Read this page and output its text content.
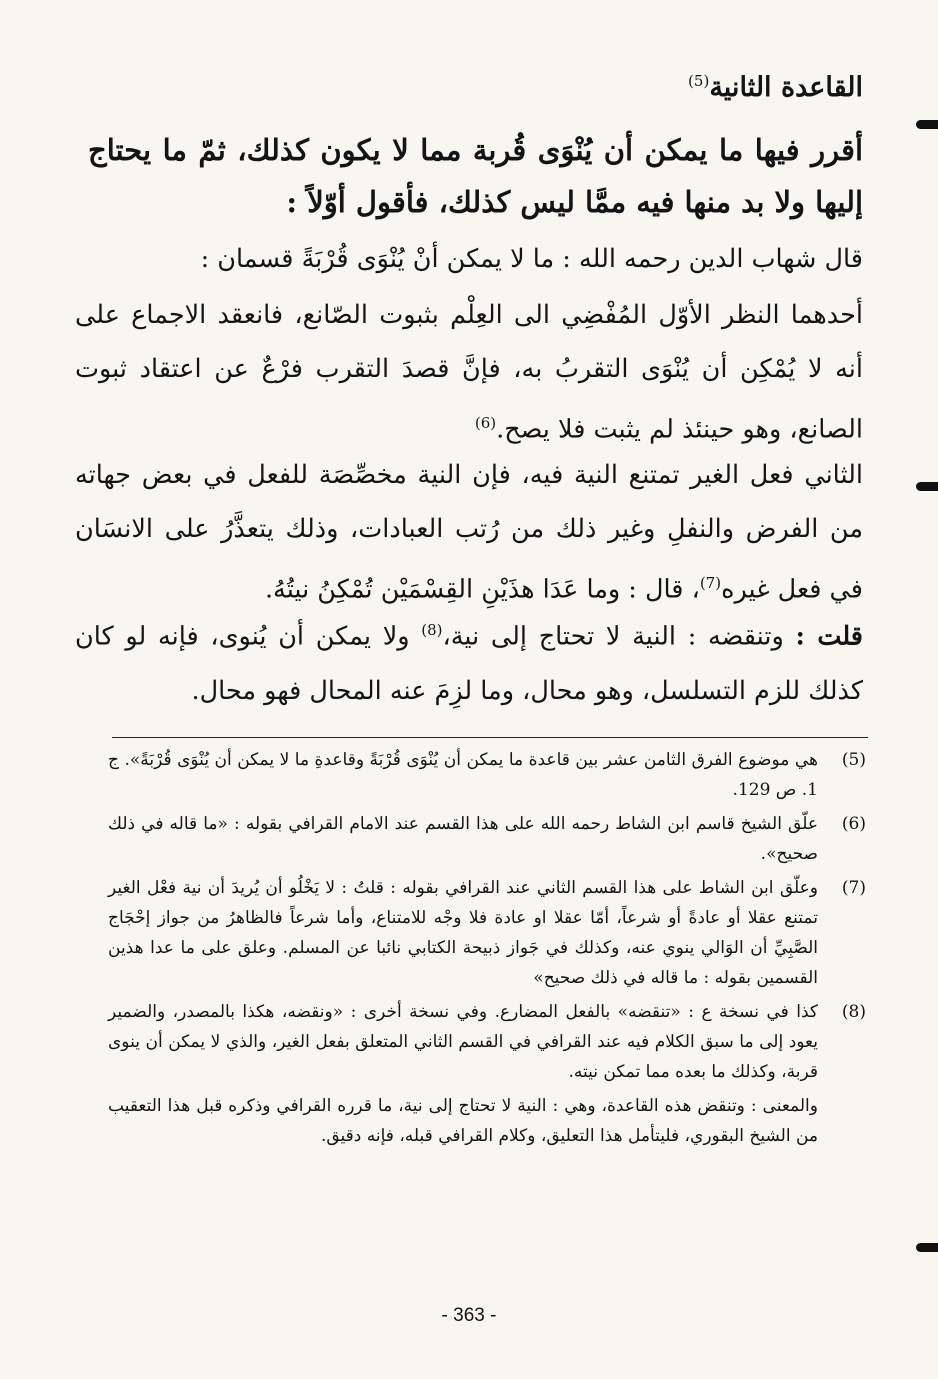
القاعدة الثانية$^{(5)}$

أقرر فيها ما يمكن أن يُنْوَى قُربة مما لا يكون كذلك، ثمّ ما يحتاج إليها ولا بد منها فيه ممَّا ليس كذلك، فأقول أوّلاً :

قال شهاب الدين رحمه الله : ما لا يمكن أنْ يُنْوَى قُرْبَةً قسمان :

أحدهما النظر الأوّل المُفْضِي الى العِلْم بثبوت الصّانع، فانعقد الاجماع على أنه لا يُمْكِن أن يُنْوَى التقربُ به، فإنَّ قصدَ التقرب فرْعٌ عن اعتقاد ثبوت الصانع، وهو حينئذ لم يثبت فلا يصح.$^{(6)}$

الثاني فعل الغير تمتنع النية فيه، فإن النية مخصِّصَة للفعل في بعض جهاته من الفرض والنفلِ وغير ذلك من رُتب العبادات، وذلك يتعذَّرُ على الانسَان في فعل غيره$^{(7)}$، قال : وما عَدَا هذَيْنِ القِسْمَيْن تُمْكِنُ نيتُهُ.

قلت : وتنقضه : النية لا تحتاج إلى نية،$^{(8)}$ ولا يمكن أن يُنوى، فإنه لو كان كذلك للزم التسلسل، وهو محال، وما لزِمَ عنه المحال فهو محال.

(5)
هي موضوع الفرق الثامن عشر بين قاعدة ما يمكن أن يُنْوَى قُرْبَةً وقاعدةِ ما لا يمكن أن يُنْوَى قُرْبَةً». ج 1. ص 129.

(6)
علّق الشيخ قاسم ابن الشاط رحمه الله على هذا القسم عند الامام القرافي بقوله : «ما قاله في ذلك صحيح».

(7)
وعلّق ابن الشاط على هذا القسم الثاني عند القرافي بقوله : قلتُ : لا يَخْلُو أن يُريدَ أن نية فعْل الغير تمتنع عقلا أو عادةً أو شرعاً، أمّا عقلا او عادة فلا وجْه للامتناع، وأما شرعاً فالظاهرُ من جواز إحْجَاج الصَّبِيِّ أن الوَالي ينوي عنه، وكذلك في جَواز ذبيحة الكتابي نائبا عن المسلم. وعلق على ما عدا هذين القسمين بقوله : ما قاله في ذلك صحيح»

(8)
كذا في نسخة ع : «تنقضه» بالفعل المضارع. وفي نسخة أخرى : «ونقضه، هكذا بالمصدر، والضمير يعود إلى ما سبق الكلام فيه عند القرافي في القسم الثاني المتعلق بفعل الغير، والذي لا يمكن أن ينوى قربة، وكذلك ما بعده مما تمكن نيته.

والمعنى : وتنقض هذه القاعدة، وهي : النية لا تحتاج إلى نية، ما قرره القرافي وذكره قبل هذا التعقيب من الشيخ البقوري، فليتأمل هذا التعليق، وكلام القرافي قبله، فإنه دقيق.

- 363 -
